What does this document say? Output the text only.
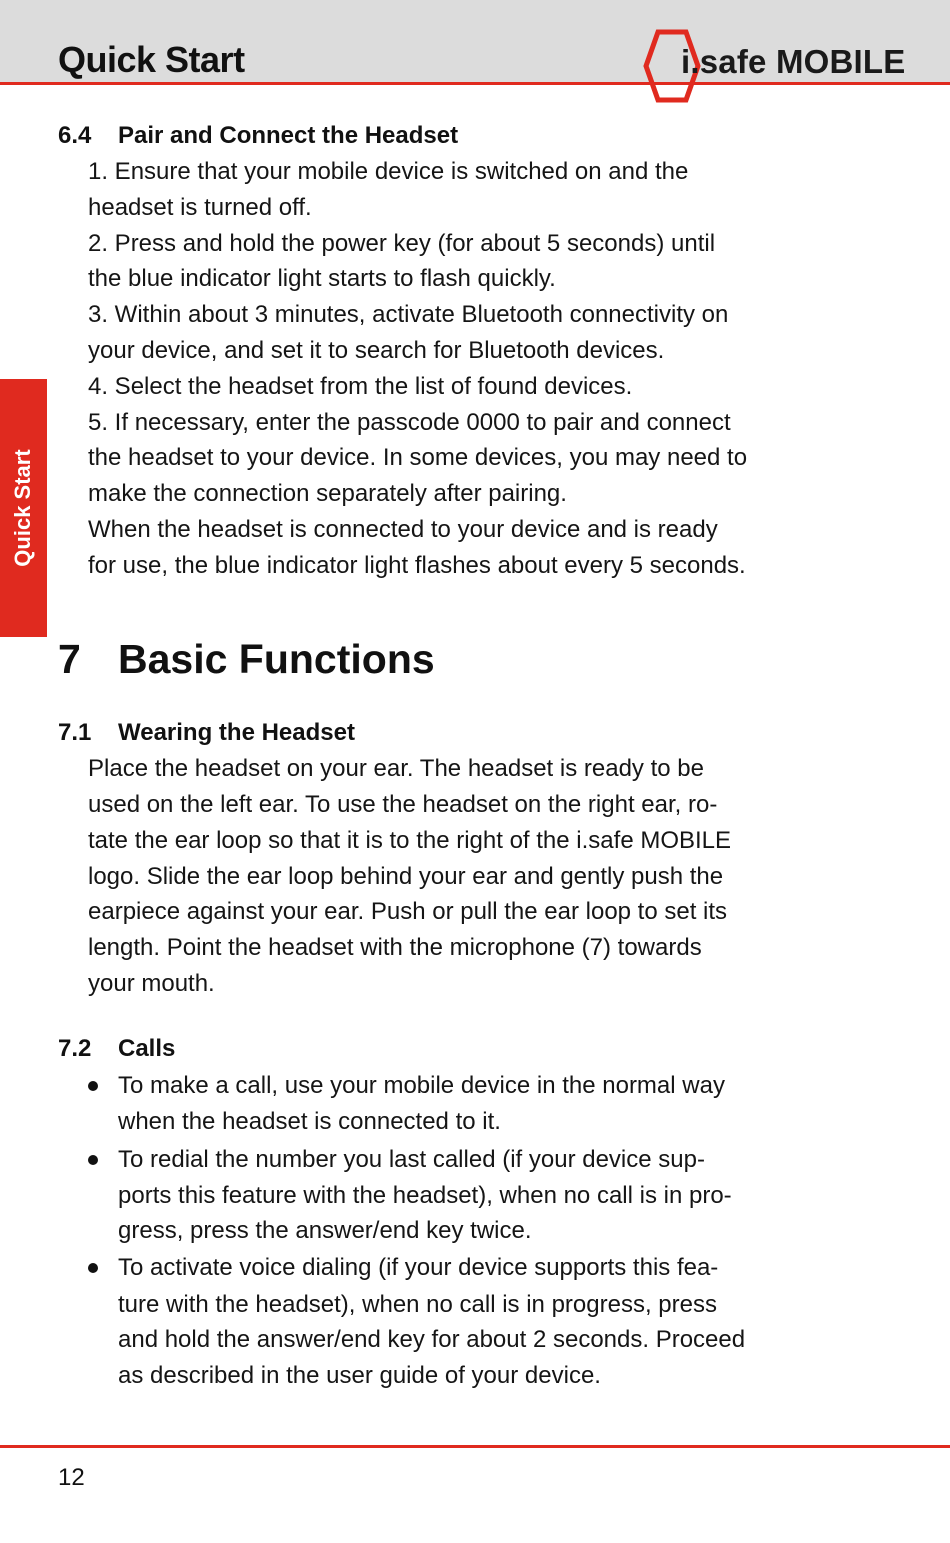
Quick Start	i.safe MOBILE
Quick Start
6.4 Pair and Connect the Headset
1. Ensure that your mobile device is switched on and the
headset is turned off.
2. Press and hold the power key (for about 5 seconds) until
the blue indicator light starts to flash quickly.
3. Within about 3 minutes, activate Bluetooth connectivity on
your device, and set it to search for Bluetooth devices.
4. Select the headset from the list of found devices.
5. If necessary, enter the passcode 0000 to pair and connect
the headset to your device. In some devices, you may need to
make the connection separately after pairing.
When the headset is connected to your device and is ready
for use, the blue indicator light flashes about every 5 seconds.
7 Basic Functions
7.1 Wearing the Headset
Place the headset on your ear. The headset is ready to be
used on the left ear. To use the headset on the right ear, ro-
tate the ear loop so that it is to the right of the i.safe MOBILE
logo. Slide the ear loop behind your ear and gently push the
earpiece against your ear. Push or pull the ear loop to set its
length. Point the headset with the microphone (7) towards
your mouth.
7.2 Calls
To make a call, use your mobile device in the normal way
when the headset is connected to it.
To redial the number you last called (if your device sup-
ports this feature with the headset), when no call is in pro-
gress, press the answer/end key twice.
To activate voice dialing (if your device supports this fea-
ture with the headset), when no call is in progress, press
and hold the answer/end key for about 2 seconds. Proceed
as described in the user guide of your device.
12
